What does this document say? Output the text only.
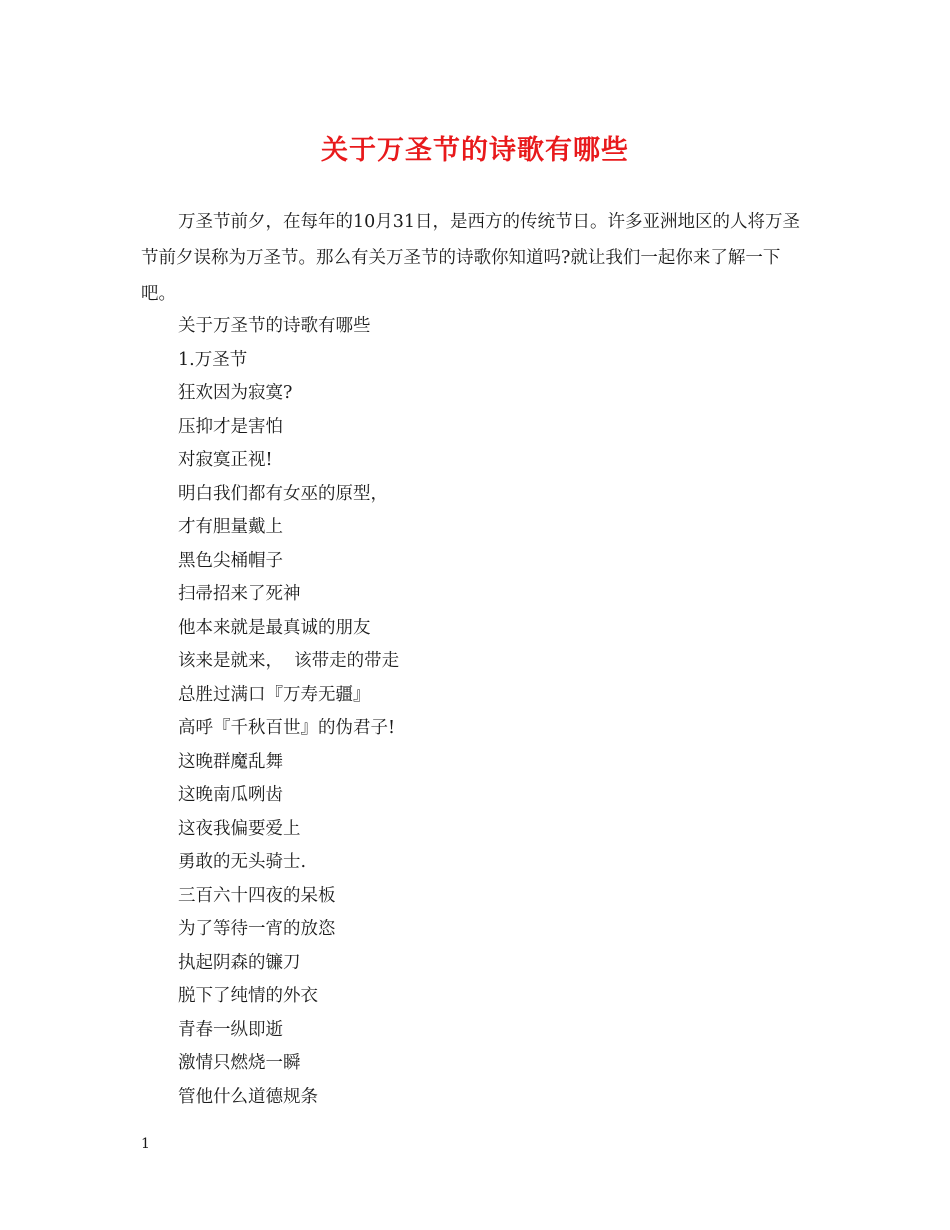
关于万圣节的诗歌有哪些

万圣节前夕，在每年的10月31日，是西方的传统节日。许多亚洲地区的人将万圣节前夕误称为万圣节。那么有关万圣节的诗歌你知道吗?就让我们一起你来了解一下吧。

关于万圣节的诗歌有哪些
1.万圣节
狂欢因为寂寞?
压抑才是害怕
对寂寞正视!
明白我们都有女巫的原型，
才有胆量戴上
黑色尖桶帽子
扫帚招来了死神
他本来就是最真诚的朋友
该来是就来，  该带走的带走
总胜过满口『万寿无疆』
高呼『千秋百世』的伪君子!
这晚群魔乱舞
这晚南瓜咧齿
这夜我偏要爱上
勇敢的无头骑士.
三百六十四夜的呆板
为了等待一宵的放恣
执起阴森的镰刀
脱下了纯情的外衣
青春一纵即逝
激情只燃烧一瞬
管他什么道德规条
1
